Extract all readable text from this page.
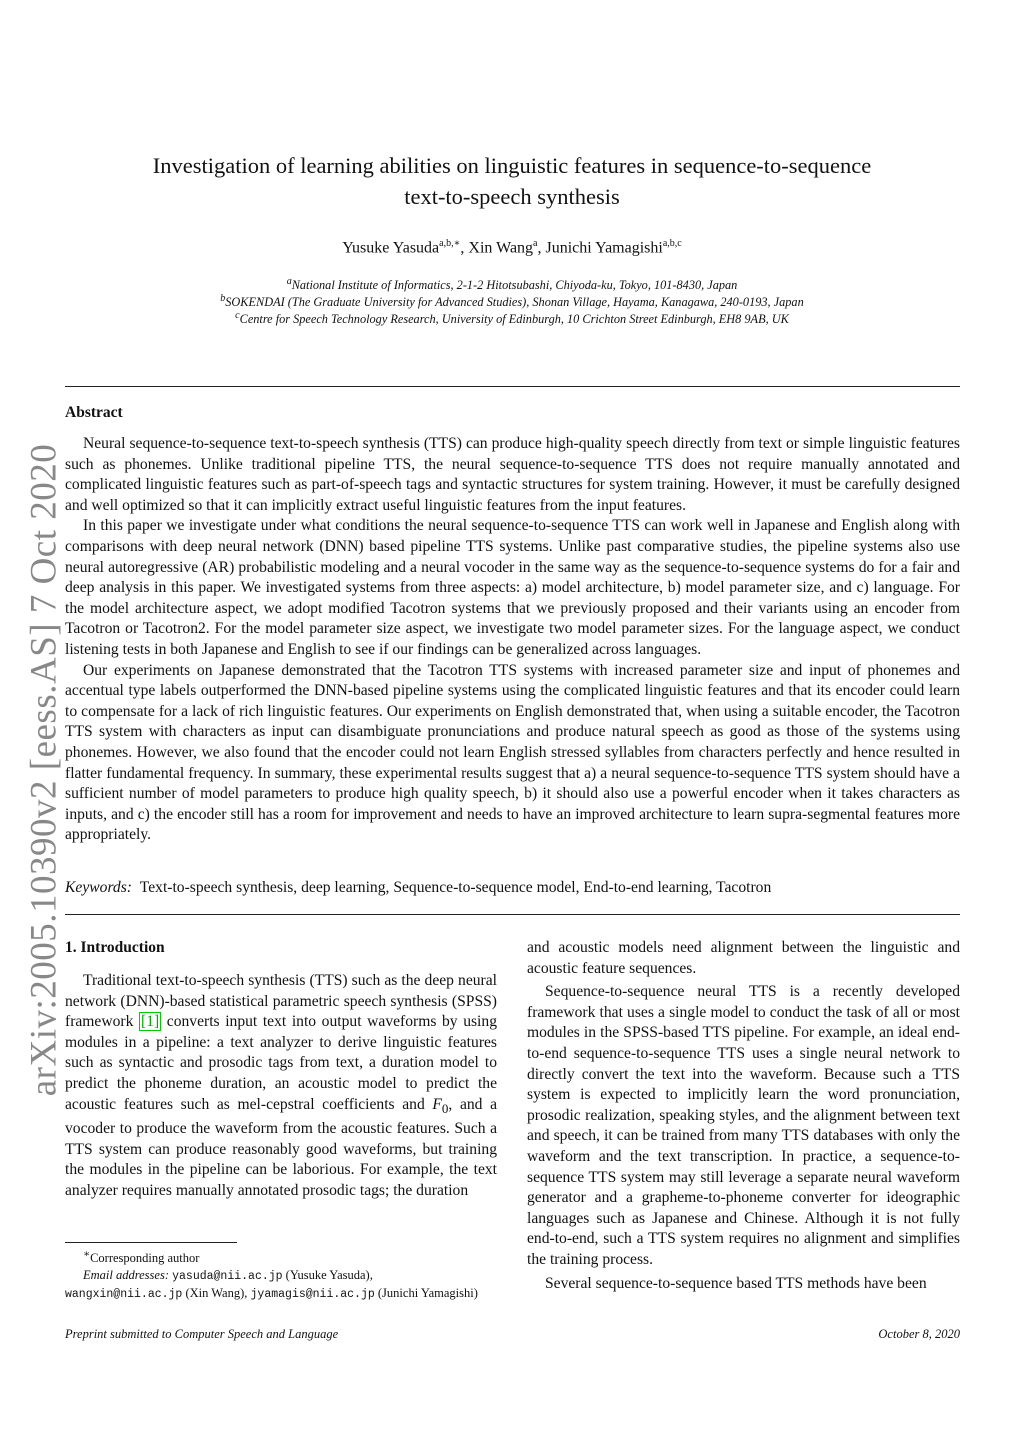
arXiv:2005.10390v2 [eess.AS] 7 Oct 2020
Investigation of learning abilities on linguistic features in sequence-to-sequence
text-to-speech synthesis
Yusuke Yasuda$^{a,b,∗}$, Xin Wang$^a$, Junichi Yamagishi$^{a,b,c}$
$^a$National Institute of Informatics, 2-1-2 Hitotsubashi, Chiyoda-ku, Tokyo, 101-8430, Japan
$^b$SOKENDAI (The Graduate University for Advanced Studies), Shonan Village, Hayama, Kanagawa, 240-0193, Japan
$^c$Centre for Speech Technology Research, University of Edinburgh, 10 Crichton Street Edinburgh, EH8 9AB, UK
Abstract

Neural sequence-to-sequence text-to-speech synthesis (TTS) can produce high-quality speech directly from text or simple linguistic features such as phonemes. Unlike traditional pipeline TTS, the neural sequence-to-sequence TTS does not require manually annotated and complicated linguistic features such as part-of-speech tags and syntactic structures for system training. However, it must be carefully designed and well optimized so that it can implicitly extract useful linguistic features from the input features.

In this paper we investigate under what conditions the neural sequence-to-sequence TTS can work well in Japanese and English along with comparisons with deep neural network (DNN) based pipeline TTS systems. Unlike past comparative studies, the pipeline systems also use neural autoregressive (AR) probabilistic modeling and a neural vocoder in the same way as the sequence-to-sequence systems do for a fair and deep analysis in this paper. We investigated systems from three aspects: a) model architecture, b) model parameter size, and c) language. For the model architecture aspect, we adopt modified Tacotron systems that we previously proposed and their variants using an encoder from Tacotron or Tacotron2. For the model parameter size aspect, we investigate two model parameter sizes. For the language aspect, we conduct listening tests in both Japanese and English to see if our findings can be generalized across languages.

Our experiments on Japanese demonstrated that the Tacotron TTS systems with increased parameter size and input of phonemes and accentual type labels outperformed the DNN-based pipeline systems using the complicated linguistic features and that its encoder could learn to compensate for a lack of rich linguistic features. Our experiments on English demonstrated that, when using a suitable encoder, the Tacotron TTS system with characters as input can disambiguate pronunciations and produce natural speech as good as those of the systems using phonemes. However, we also found that the encoder could not learn English stressed syllables from characters perfectly and hence resulted in flatter fundamental frequency. In summary, these experimental results suggest that a) a neural sequence-to-sequence TTS system should have a sufficient number of model parameters to produce high quality speech, b) it should also use a powerful encoder when it takes characters as inputs, and c) the encoder still has a room for improvement and needs to have an improved architecture to learn supra-segmental features more appropriately.

Keywords: Text-to-speech synthesis, deep learning, Sequence-to-sequence model, End-to-end learning, Tacotron
1. Introduction

Traditional text-to-speech synthesis (TTS) such as the deep neural network (DNN)-based statistical parametric speech synthesis (SPSS) framework [1] converts input text into output waveforms by using modules in a pipeline: a text analyzer to derive linguistic features such as syntactic and prosodic tags from text, a duration model to predict the phoneme duration, an acoustic model to predict the acoustic features such as mel-cepstral coefficients and $F_0$, and a vocoder to produce the waveform from the acoustic features. Such a TTS system can produce reasonably good waveforms, but training the modules in the pipeline can be laborious. For example, the text analyzer requires manually annotated prosodic tags; the duration

∗Corresponding author
Email addresses: yasuda@nii.ac.jp (Yusuke Yasuda),
wangxin@nii.ac.jp (Xin Wang), jyamagis@nii.ac.jp (Junichi Yamagishi)

and acoustic models need alignment between the linguistic and acoustic feature sequences.

Sequence-to-sequence neural TTS is a recently developed framework that uses a single model to conduct the task of all or most modules in the SPSS-based TTS pipeline. For example, an ideal end-to-end sequence-to-sequence TTS uses a single neural network to directly convert the text into the waveform. Because such a TTS system is expected to implicitly learn the word pronunciation, prosodic realization, speaking styles, and the alignment between text and speech, it can be trained from many TTS databases with only the waveform and the text transcription. In practice, a sequence-to-sequence TTS system may still leverage a separate neural waveform generator and a grapheme-to-phoneme converter for ideographic languages such as Japanese and Chinese. Although it is not fully end-to-end, such a TTS system requires no alignment and simplifies the training process.

Several sequence-to-sequence based TTS methods have been

Preprint submitted to Computer Speech and Language	October 8, 2020
